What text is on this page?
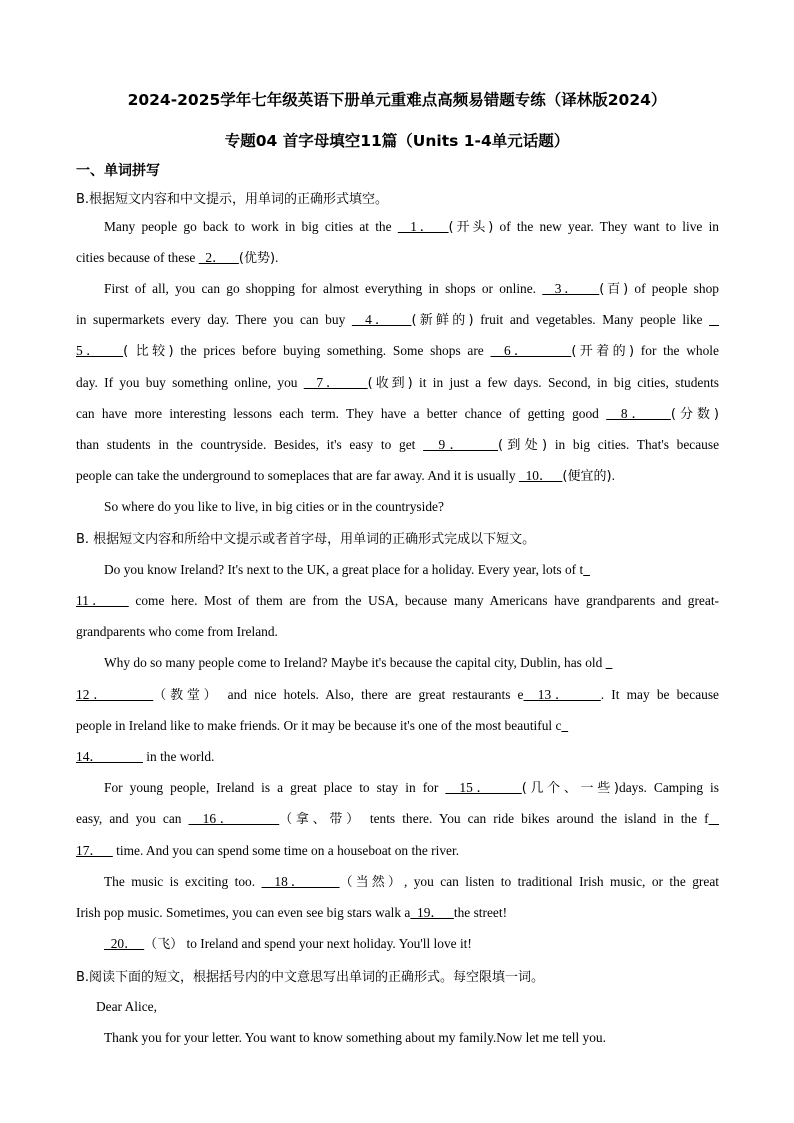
2024-2025学年七年级英语下册单元重难点高频易错题专练（译林版2024）
专题04 首字母填空11篇（Units 1-4单元话题）
一、单词拼写
B.根据短文内容和中文提示，用单词的正确形式填空。
Many people go back to work in big cities at the   1．  (开头) of the new year. They want to live in
cities because of these   2．    (优势).
First of all, you can go shopping for almost everything in shops or online.   3．   (百) of people shop
in supermarkets every day. There you can buy   4．   (新鲜的) fruit and vegetables. Many people like
5．   ( 比较) the prices before buying something. Some shops are   6．      (开着的) for the whole
day. If you buy something online, you   7．    (收到) it in just a few days. Second, in big cities, students
can have more interesting lessons each term. They have a better chance of getting good   8．   (分数)
than students in the countryside. Besides, it's easy to get   9．    (到处) in big cities. That's because
people can take the underground to someplaces that are far away. And it is usually   10．   (便宜的).
So where do you like to live, in big cities or in the countryside?
B. 根据短文内容和所给中文提示或者首字母，用单词的正确形式完成以下短文。
Do you know Ireland? It's next to the UK, a great place for a holiday. Every year, lots of t
11．    come here. Most of them are from the USA, because many Americans have grandparents and great-
grandparents who come from Ireland.
Why do so many people come to Ireland? Maybe it's because the capital city, Dublin, has old
12．      （教堂） and nice hotels. Also, there are great restaurants e  13．    . It may be because
people in Ireland like to make friends. Or it may be because it's one of the most beautiful c
14．             in the world.
For young people, Ireland is a great place to stay in for   15．    (几个、一些)days. Camping is
easy, and you can   16．      （拿、带） tents there. You can ride bikes around the island in the f
17．    time. And you can spend some time on a houseboat on the river.
The music is exciting too.   18．     （当然）, you can listen to traditional Irish music, or the great
Irish pop music. Sometimes, you can even see big stars walk a  19．   the street!
20．  （飞） to Ireland and spend your next holiday. You'll love it!
B.阅读下面的短文，根据括号内的中文意思写出单词的正确形式。每空限填一词。
Dear Alice,
Thank you for your letter. You want to know something about my family.Now let me tell you.
